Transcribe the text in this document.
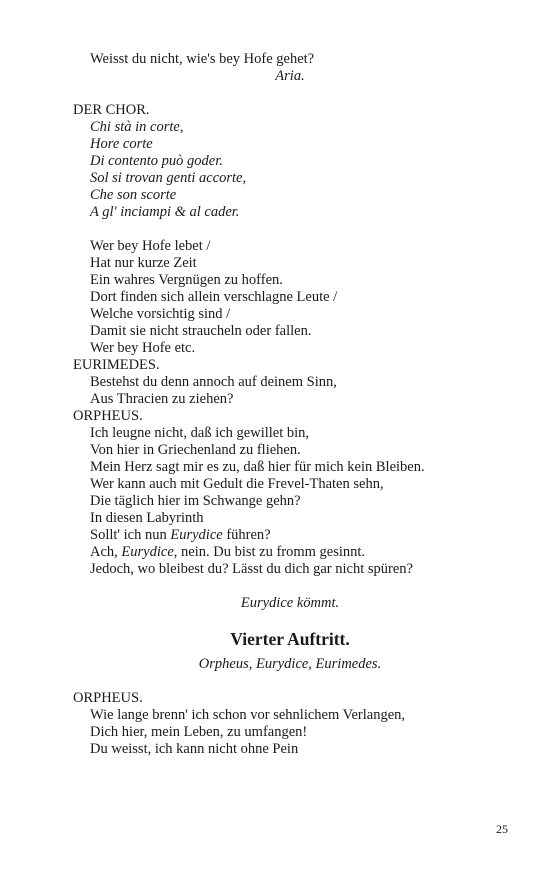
Weisst du nicht, wie's bey Hofe gehet?
Aria.
DER CHOR.
Chi stà in corte,
Hore corte
Di contento può goder.
Sol si trovan genti accorte,
Che son scorte
A gl' inciampi & al cader.
Wer bey Hofe lebet /
Hat nur kurze Zeit
Ein wahres Vergnügen zu hoffen.
Dort finden sich allein verschlagne Leute /
Welche vorsichtig sind /
Damit sie nicht straucheln oder fallen.
Wer bey Hofe etc.
EURIMEDES.
Bestehst du denn annoch auf deinem Sinn,
Aus Thracien zu ziehen?
ORPHEUS.
Ich leugne nicht, daß ich gewillet bin,
Von hier in Griechenland zu fliehen.
Mein Herz sagt mir es zu, daß hier für mich kein Bleiben.
Wer kann auch mit Gedult die Frevel-Thaten sehn,
Die täglich hier im Schwange gehn?
In diesen Labyrinth
Sollt' ich nun Eurydice führen?
Ach, Eurydice, nein. Du bist zu fromm gesinnt.
Jedoch, wo bleibest du? Lässt du dich gar nicht spüren?
Eurydice kömmt.
Vierter Auftritt.
Orpheus, Eurydice, Eurimedes.
ORPHEUS.
Wie lange brenn' ich schon vor sehnlichem Verlangen,
Dich hier, mein Leben, zu umfangen!
Du weisst, ich kann nicht ohne Pein
25
